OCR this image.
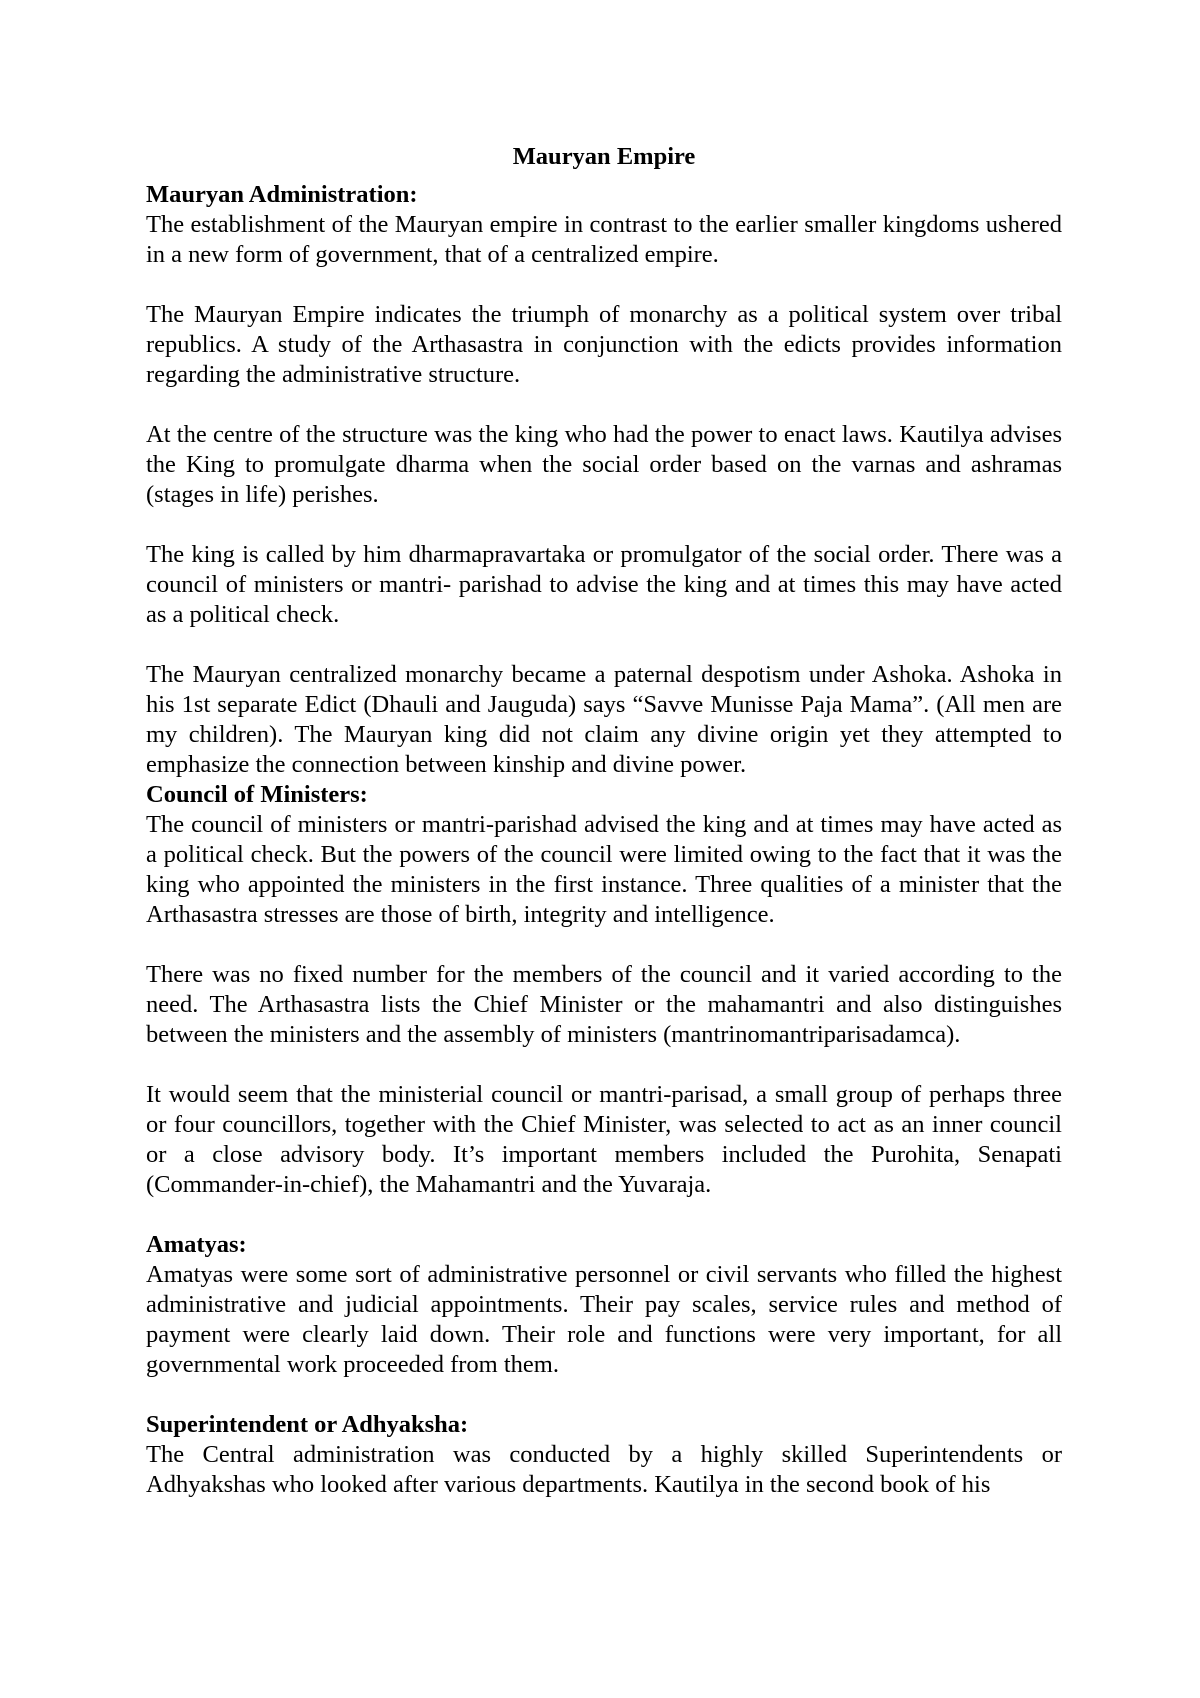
Mauryan Empire
Mauryan Administration:

The establishment of the Mauryan empire in contrast to the earlier smaller kingdoms ushered in a new form of government, that of a centralized empire.

The Mauryan Empire indicates the triumph of monarchy as a political system over tribal republics. A study of the Arthasastra in conjunction with the edicts provides information regarding the administrative structure.

At the centre of the structure was the king who had the power to enact laws. Kautilya advises the King to promulgate dharma when the social order based on the varnas and ashramas (stages in life) perishes.

The king is called by him dharmapravartaka or promulgator of the social order. There was a council of ministers or mantri- parishad to advise the king and at times this may have acted as a political check.

The Mauryan centralized monarchy became a paternal despotism under Ashoka. Ashoka in his 1st separate Edict (Dhauli and Jauguda) says “Savve Munisse Paja Mama”. (All men are my children). The Mauryan king did not claim any divine origin yet they attempted to emphasize the connection between kinship and divine power.

Council of Ministers:

The council of ministers or mantri-parishad advised the king and at times may have acted as a political check. But the powers of the council were limited owing to the fact that it was the king who appointed the ministers in the first instance. Three qualities of a minister that the Arthasastra stresses are those of birth, integrity and intelligence.

There was no fixed number for the members of the council and it varied according to the need. The Arthasastra lists the Chief Minister or the mahamantri and also distinguishes between the ministers and the assembly of ministers (mantrinomantriparisadamca).

It would seem that the ministerial council or mantri-parisad, a small group of perhaps three or four councillors, together with the Chief Minister, was selected to act as an inner council or a close advisory body. It’s important members included the Purohita, Senapati (Commander-in-chief), the Mahamantri and the Yuvaraja.

Amatyas:

Amatyas were some sort of administrative personnel or civil servants who filled the highest administrative and judicial appointments. Their pay scales, service rules and method of payment were clearly laid down. Their role and functions were very important, for all governmental work proceeded from them.

Superintendent or Adhyaksha:

The Central administration was conducted by a highly skilled Superintendents or Adhyakshas who looked after various departments. Kautilya in the second book of his
